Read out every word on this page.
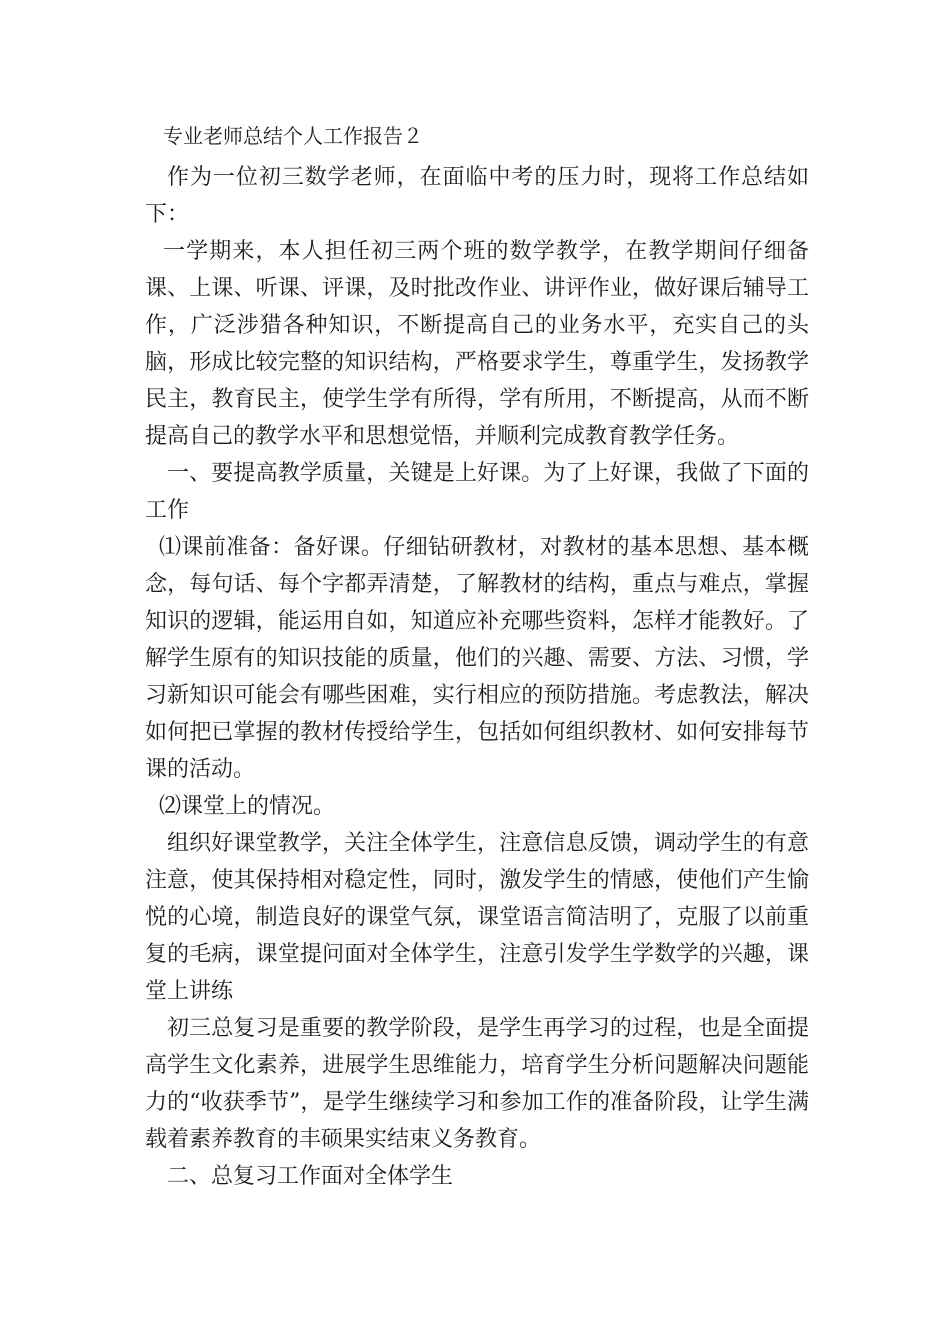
专业老师总结个人工作报告２

作为一位初三数学老师，在面临中考的压力时，现将工作总结如下：

一学期来，本人担任初三两个班的数学教学，在教学期间仔细备课、上课、听课、评课，及时批改作业、讲评作业，做好课后辅导工作，广泛涉猎各种知识，不断提高自己的业务水平，充实自己的头脑，形成比较完整的知识结构，严格要求学生，尊重学生，发扬教学民主，教育民主，使学生学有所得，学有所用，不断提高，从而不断提高自己的教学水平和思想觉悟，并顺利完成教育教学任务。

一、要提高教学质量，关键是上好课。为了上好课，我做了下面的工作

⑴课前准备：备好课。仔细钻研教材，对教材的基本思想、基本概念，每句话、每个字都弄清楚，了解教材的结构，重点与难点，掌握知识的逻辑，能运用自如，知道应补充哪些资料，怎样才能教好。了解学生原有的知识技能的质量，他们的兴趣、需要、方法、习惯，学习新知识可能会有哪些困难，实行相应的预防措施。考虑教法，解决如何把已掌握的教材传授给学生，包括如何组织教材、如何安排每节课的活动。

⑵课堂上的情况。

组织好课堂教学，关注全体学生，注意信息反馈，调动学生的有意注意，使其保持相对稳定性，同时，激发学生的情感，使他们产生愉悦的心境，制造良好的课堂气氛，课堂语言简洁明了，克服了以前重复的毛病，课堂提问面对全体学生，注意引发学生学数学的兴趣，课堂上讲练

初三总复习是重要的教学阶段，是学生再学习的过程，也是全面提高学生文化素养，进展学生思维能力，培育学生分析问题解决问题能力的“收获季节”，是学生继续学习和参加工作的准备阶段，让学生满载着素养教育的丰硕果实结束义务教育。

二、总复习工作面对全体学生
